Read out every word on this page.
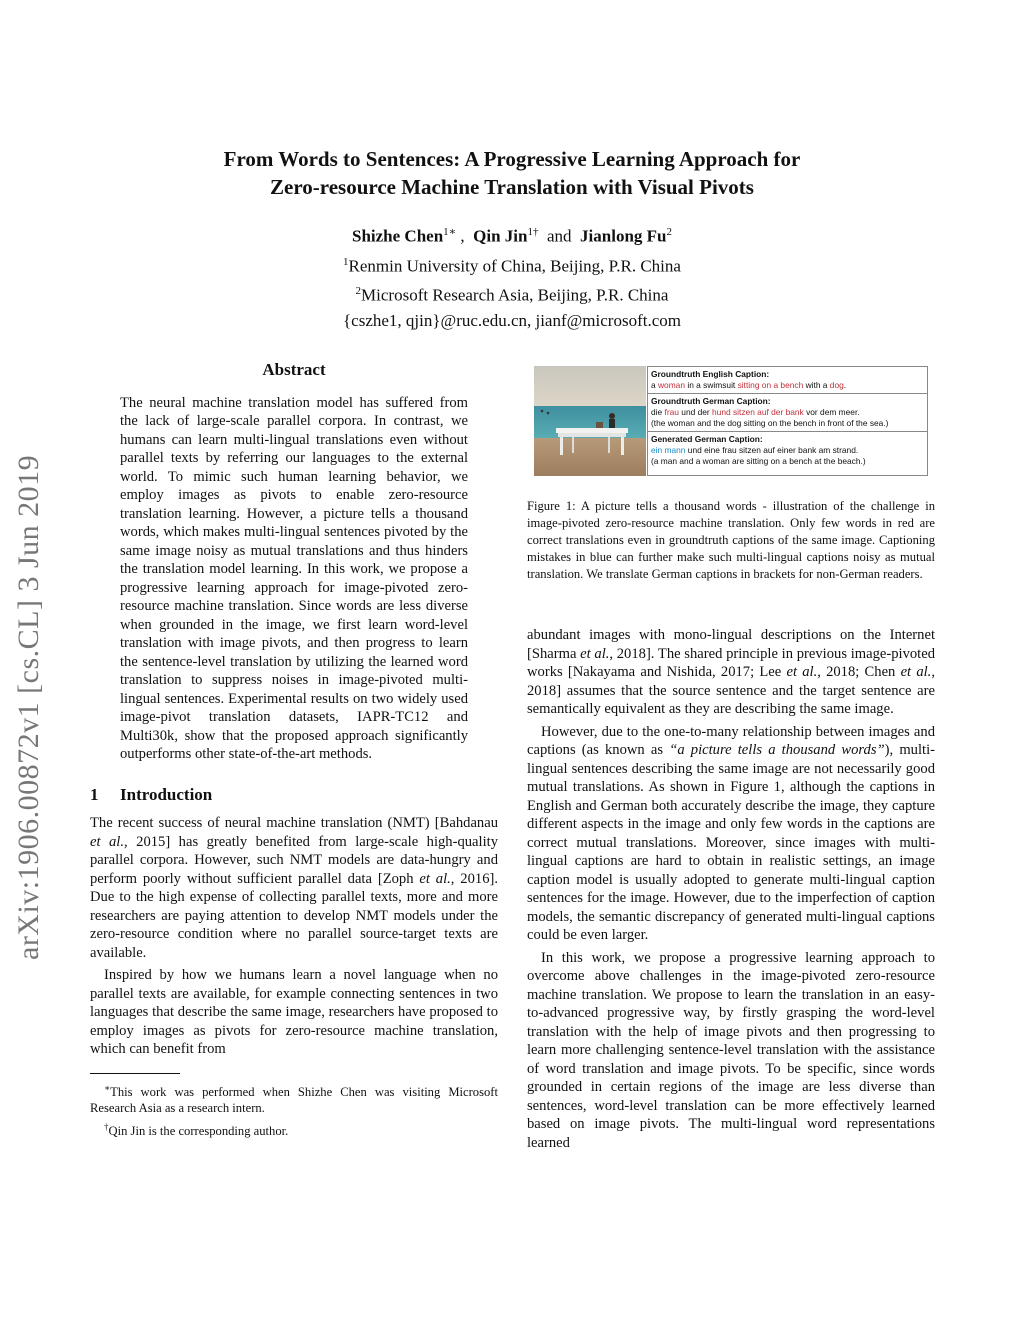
From Words to Sentences: A Progressive Learning Approach for
Zero-resource Machine Translation with Visual Pivots
Shizhe Chen$^{1∗}$ ,  Qin Jin$^{1\dagger}$  and  Jianlong Fu$^2$
$^1$Renmin University of China, Beijing, P.R. China
$^2$Microsoft Research Asia, Beijing, P.R. China
{cszhe1, qjin}@ruc.edu.cn, jianf@microsoft.com
arXiv:1906.00872v1 [cs.CL] 3 Jun 2019
Abstract

The neural machine translation model has suffered from the lack of large-scale parallel corpora. In contrast, we humans can learn multi-lingual translations even without parallel texts by referring our languages to the external world. To mimic such human learning behavior, we employ images as pivots to enable zero-resource translation learning. However, a picture tells a thousand words, which makes multi-lingual sentences pivoted by the same image noisy as mutual translations and thus hinders the translation model learning. In this work, we propose a progressive learning approach for image-pivoted zero-resource machine translation. Since words are less diverse when grounded in the image, we first learn word-level translation with image pivots, and then progress to learn the sentence-level translation by utilizing the learned word translation to suppress noises in image-pivoted multi-lingual sentences. Experimental results on two widely used image-pivot translation datasets, IAPR-TC12 and Multi30k, show that the proposed approach significantly outperforms other state-of-the-art methods.

1 Introduction

The recent success of neural machine translation (NMT) [Bahdanau et al., 2015] has greatly benefited from large-scale high-quality parallel corpora. However, such NMT models are data-hungry and perform poorly without sufficient parallel data [Zoph et al., 2016]. Due to the high expense of collecting parallel texts, more and more researchers are paying attention to develop NMT models under the zero-resource condition where no parallel source-target texts are available.

Inspired by how we humans learn a novel language when no parallel texts are available, for example connecting sentences in two languages that describe the same image, researchers have proposed to employ images as pivots for zero-resource machine translation, which can benefit from

∗This work was performed when Shizhe Chen was visiting Microsoft Research Asia as a research intern.

†Qin Jin is the corresponding author.

Groundtruth English Caption:
a woman in a swimsuit sitting on a bench with a dog.
Groundtruth German Caption:
die frau und der hund sitzen auf der bank vor dem meer.
(the woman and the dog sitting on the bench in front of the sea.)
Generated German Caption:
ein mann und eine frau sitzen auf einer bank am strand.
(a man and a woman are sitting on a bench at the beach.)
Figure 1: A picture tells a thousand words - illustration of the challenge in image-pivoted zero-resource machine translation. Only few words in red are correct translations even in groundtruth captions of the same image. Captioning mistakes in blue can further make such multi-lingual captions noisy as mutual translation. We translate German captions in brackets for non-German readers.

abundant images with mono-lingual descriptions on the Internet [Sharma et al., 2018]. The shared principle in previous image-pivoted works [Nakayama and Nishida, 2017; Lee et al., 2018; Chen et al., 2018] assumes that the source sentence and the target sentence are semantically equivalent as they are describing the same image.

However, due to the one-to-many relationship between images and captions (as known as “a picture tells a thousand words”), multi-lingual sentences describing the same image are not necessarily good mutual translations. As shown in Figure 1, although the captions in English and German both accurately describe the image, they capture different aspects in the image and only few words in the captions are correct mutual translations. Moreover, since images with multi-lingual captions are hard to obtain in realistic settings, an image caption model is usually adopted to generate multi-lingual caption sentences for the image. However, due to the imperfection of caption models, the semantic discrepancy of generated multi-lingual captions could be even larger.

In this work, we propose a progressive learning approach to overcome above challenges in the image-pivoted zero-resource machine translation. We propose to learn the translation in an easy-to-advanced progressive way, by firstly grasping the word-level translation with the help of image pivots and then progressing to learn more challenging sentence-level translation with the assistance of word translation and image pivots. To be specific, since words grounded in certain regions of the image are less diverse than sentences, word-level translation can be more effectively learned based on image pivots. The multi-lingual word representations learned
